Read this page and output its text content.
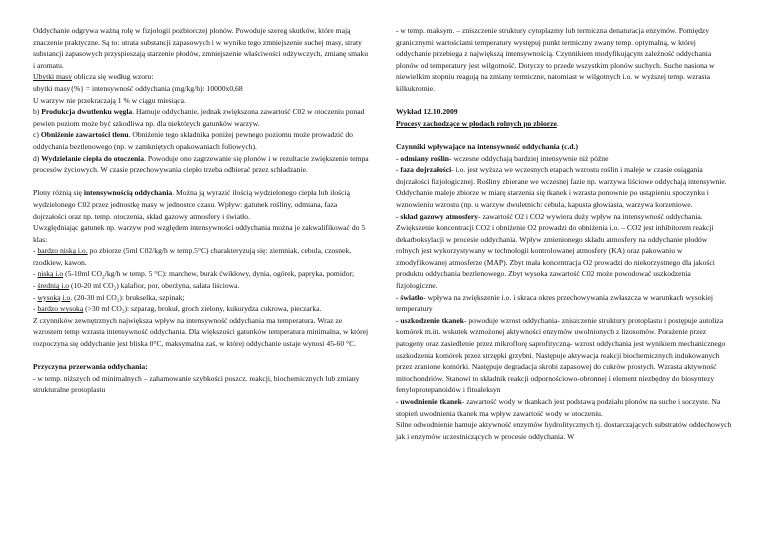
Oddychanie odgrywa ważną rolę w fizjologii pozbiorczej plonów. Powoduje szereg skutków, które mają znaczenie praktyczne. Są to: utrata substancji zapasowych i w wyniku tego zmniejszenie suchej masy, straty substancji zapasowych przyspieszają starzenie płodów, zmniejszenie właściwości odżywczych, zmianę smaku i aromatu.

Ubytki masy oblicza się według wzoru:

ubytki masy{%} = intensywność oddychania (mg/kg/h): 10000x0,68

U warzyw nie przekraczają 1 % w ciągu miesiąca.

b) Produkcja dwutlenku węgla. Hamuje oddychanie, jednak zwiększona zawartość C02 w otoczeniu ponad pewien poziom może być szkodliwa np. dla niektórych gatunków warzyw.

c) Obniżenie zawartości tlenu. Obniżenie tego składnika poniżej pewnego poziomu może prowadzić do oddychania beztlenowego (np. w zamkniętych opakowaniach foliowych).

d) Wydzielanie ciepła do otoczenia. Powoduje ono zagrzewanie się plonów i w rezultacie zwiększenie tempa procesów życiowych. W czasie przechowywania ciepło trzeba odbierać przez schładzanie.

Plony różnią się intensywnością oddychania. Można ją wyrazić ilością wydzielonego ciepła lub ilością wydzielonego C02 przez jednostkę masy w jednostce czasu. Wpływ: gatunek rośliny, odmiana, faza dojrzałości oraz np. temp. otoczenia, skład gazowy atmosfery i światło.

Uwzględniając gatunek np. warzyw pod względem intensywności oddychania można je zakwalifikować do 5 klas:

- bardzo niską i.o. po zbiorze (5ml C02/kg/h w temp.5°C) charakteryzują się: ziemniak, cebula, czosnek, rzodkiew, kawon.

- niską i.o (5-10ml $CO_2/kg/h$ w temp. 5 °C): marchew, burak ćwikłowy, dynia, ogórek, papryka, pomidor;

- średnią i.o (10-20 ml CO₂) kalafior, por, oberżyna, sałata liściowa.

- wysoką i.o. (20-30 ml CO₂): brukselka, szpinak;

- bardzo wysoką (>30 ml CO₂): szparag, brokuł, groch zielony, kukurydza cukrowa, pieczarka.

Z czynników zewnętrznych największa wpływ na intensywność oddychania ma temperatura. Wraz ze wzrostem temp wzrasta intensywność oddychania. Dla większości gatunków temperatura minimalna, w której rozpoczyna się oddychanie jest bliska 0°C, maksymalna zaś, w której oddychanie ustaje wynosi 45-60 °C.

Przyczyna przerwania oddychania:

- w temp. niższych od minimalnych – zahamowanie szybkości poszcz. reakcji, biochemicznych lub zmiany strukturalne protoplastu

- w temp. maksym. – zniszczenie struktury cytoplazmy lub termiczna denaturacja enzymów. Pomiędzy granicznymi wartościami temperatury występuj punkt termiczny zwany temp. optymalną, w której oddychanie przebiega z największą intensywnością. Czynnikiem modyfikującym zależność oddychania plonów od temperatury jest wilgotność. Dotyczy to przede wszystkim plonów suchych. Suche nasiona w niewielkim stopniu reagują na zmiany termiczne, natomiast w wilgotnych i.o. w wyższej temp. wzrasta kilkukrotnie.

Wykład 12.10.2009

Procesy zachodzące w płodach rolnych po zbiorze.

Czynniki wpływające na intensywność oddychania (c.d.)

- odmiany roślin- wczesne oddychają bardziej intensywnie niż późne

- faza dojrzałości- i.o. jest wyższa we wczesnych etapach wzrostu roślin i maleje w czasie osiągania dojrzałości fizjologicznej. Rośliny zbierane we wczesnej fazie np. warzywa liściowe oddychają intensywnie. Oddychanie maleje zbiorze w miarę starzenia się tkanek i wzrasta ponownie po ustąpieniu spoczynku i wznowieniu wzrostu (np. u warzyw dwuletnich: cebula, kapusta głowiasta, warzywa korzeniowe.

- skład gazowy atmosfery- zawartość O2 i CO2 wywiera duży wpływ na intensywność oddychania. Zwiększenie koncentracji CO2 i obniżenie O2 prowadzi do obniżenia i.o. – CO2 jest inhibitorem reakcji dekarboksylacji w procesie oddychania. Wpływ zmienionego składu atmosfery na oddychanie płodów rolnych jest wykorzystywany w technologii kontrolowanej atmosfery (KA) oraz pakowaniu w zmodyfikowanej atmosferze (MAP). Zbyt mała koncentracja O2 prowadzi do niekorzystnego dla jakości produktu oddychania beztlenowego. Zbyt wysoka zawartość C02 może powodować uszkodzenia fizjologiczne.

- światło- wpływa na zwiększenie i.o. i skraca okres przechowywania zwłaszcza w warunkach wysokiej temperatury

- uszkodzenie tkanek- powoduje wzrost oddychania- zniszczenie struktury protoplastu i postępuje autoliza komórek m.in. wskutek wzmożonej aktywności enzymów uwolnionych z lizosomów. Porażenie przez patogeny oraz zasiedlenie przez mikroflorę saprofityczną- wzrost oddychania jest wynikiem mechanicznego uszkodzenia komórek przez strzępki grzybni. Następuje aktywacja reakcji biochemicznych indukowanych przez zranione komórki. Następuje degradacja skrobi zapasowej do cukrów prostych. Wzrasta aktywność mitochondriów. Stanowi to składnik reakcji odpornościowo-obronnej i element niezbędny do biosyntezy fenyloprotepanoidów i fitoaleksyn

- uwodnienie tkanek- zawartość wody w tkankach jest podstawą podziału plonów na suche i soczyste. Na stopień uwodnienia tkanek ma wpływ zawartość wody w otoczeniu.

Silne odwodnienie hamuje aktywność enzymów hydrolitycznych tj. dostarczających substratów oddechowych jak i enzymów uczestniczących w procesie oddychania. W
